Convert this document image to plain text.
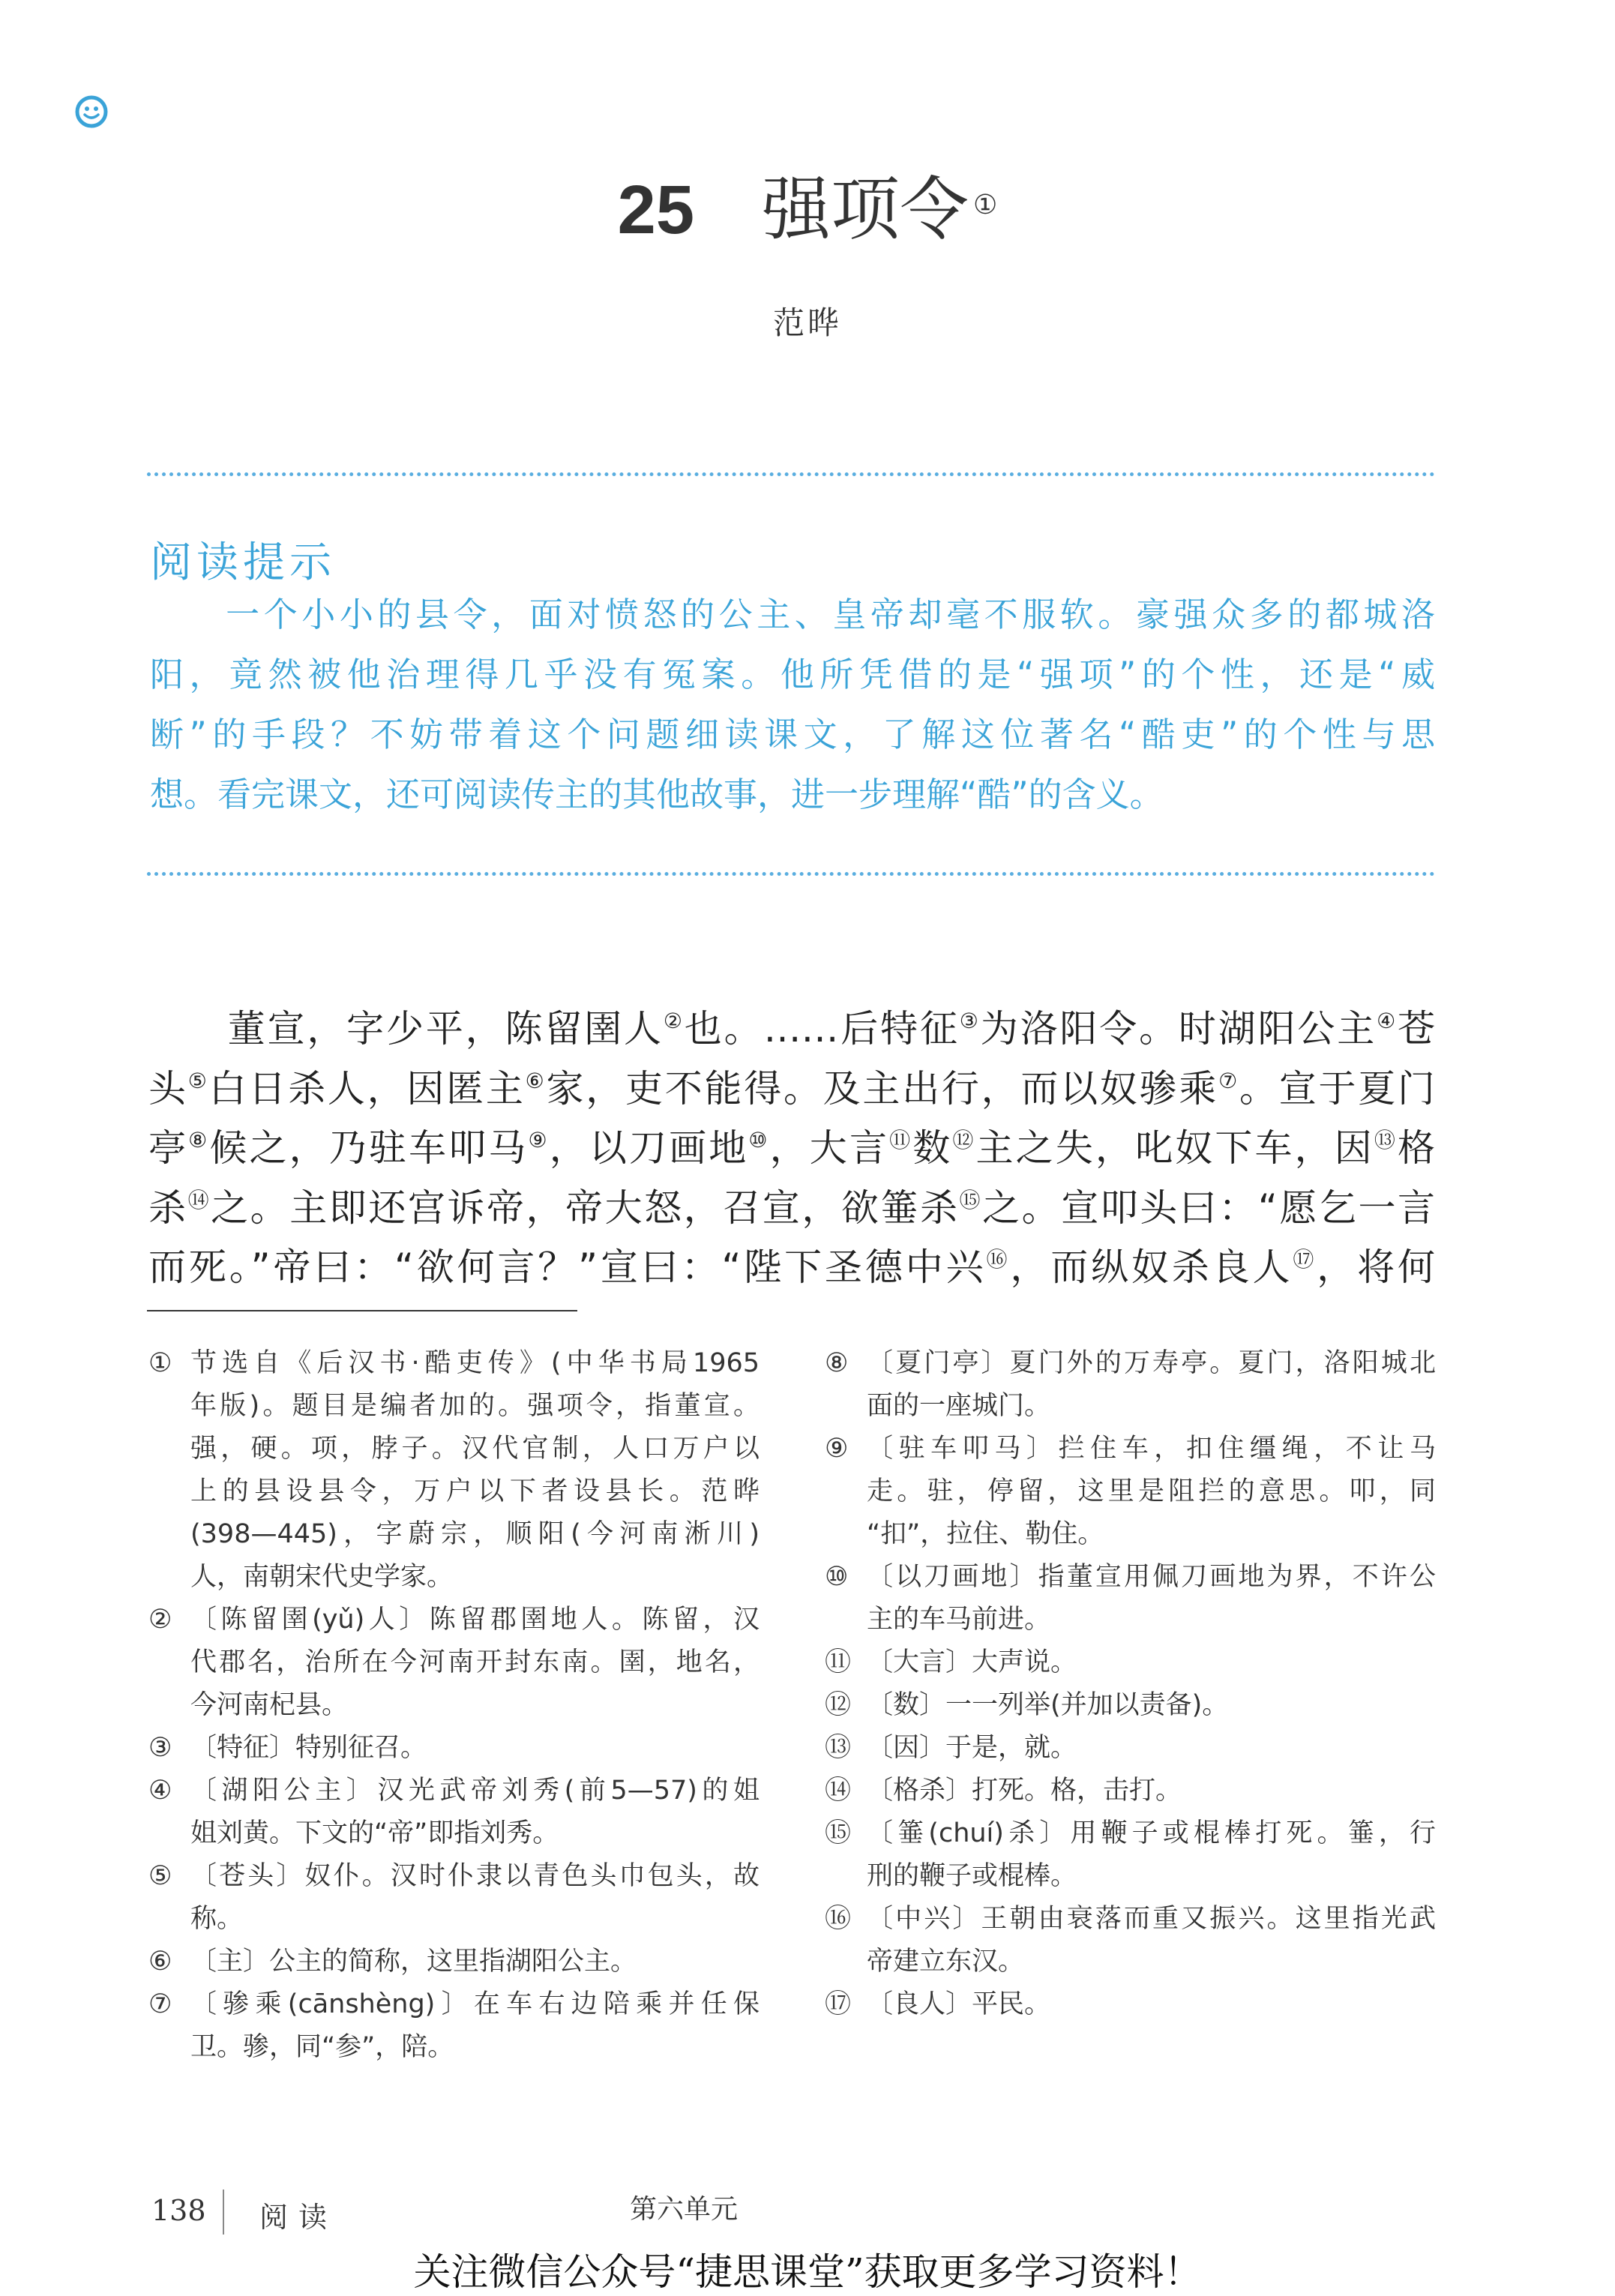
25 强项令 ①
范晔
阅读提示
　　一个小小的县令，面对愤怒的公主、皇帝却毫不服软。豪强众多的都城洛
阳，竟然被他治理得几乎没有冤案。他所凭借的是“强项”的个性，还是“威
断”的手段？不妨带着这个问题细读课文，了解这位著名“酷吏”的个性与思
想。看完课文，还可阅读传主的其他故事，进一步理解“酷”的含义。
　　董宣，字少平，陈留圉人②也。……后特征③为洛阳令。时湖阳公主④苍
头⑤白日杀人，因匿主⑥家，吏不能得。及主出行，而以奴骖乘⑦。宣于夏门
亭⑧候之，乃驻车叩马⑨，以刀画地⑩，大言⑪数⑫主之失，叱奴下车，因⑬格
杀⑭之。主即还宫诉帝，帝大怒，召宣，欲箠杀⑮之。宣叩头曰：“愿乞一言
而死。”帝曰：“欲何言？”宣曰：“陛下圣德中兴⑯，而纵奴杀良人⑰，将何
① 节选自《后汉书·酷吏传》(中华书局1965
年版)。题目是编者加的。强项令，指董宣。
强，硬。项，脖子。汉代官制，人口万户以
上的县设县令，万户以下者设县长。范晔
(398—445)，字蔚宗，顺阳(今河南淅川)
人，南朝宋代史学家。
② 〔陈留圉(yǔ)人〕陈留郡圉地人。陈留，汉
代郡名，治所在今河南开封东南。圉，地名，
今河南杞县。
③ 〔特征〕特别征召。
④ 〔湖阳公主〕汉光武帝刘秀(前5—57)的姐
姐刘黄。下文的“帝”即指刘秀。
⑤ 〔苍头〕奴仆。汉时仆隶以青色头巾包头，故
称。
⑥ 〔主〕公主的简称，这里指湖阳公主。
⑦ 〔骖乘(cānshèng)〕在车右边陪乘并任保
卫。骖，同“参”，陪。
⑧ 〔夏门亭〕夏门外的万寿亭。夏门，洛阳城北
面的一座城门。
⑨ 〔驻车叩马〕拦住车，扣住缰绳，不让马
走。驻，停留，这里是阻拦的意思。叩，同
“扣”，拉住、勒住。
⑩ 〔以刀画地〕指董宣用佩刀画地为界，不许公
主的车马前进。
⑪ 〔大言〕大声说。
⑫ 〔数〕一一列举(并加以责备)。
⑬ 〔因〕于是，就。
⑭ 〔格杀〕打死。格，击打。
⑮ 〔箠(chuí)杀〕用鞭子或棍棒打死。箠，行
刑的鞭子或棍棒。
⑯ 〔中兴〕王朝由衰落而重又振兴。这里指光武
帝建立东汉。
⑰ 〔良人〕平民。
138 阅读	第六单元
关注微信公众号“捷思课堂”获取更多学习资料！
